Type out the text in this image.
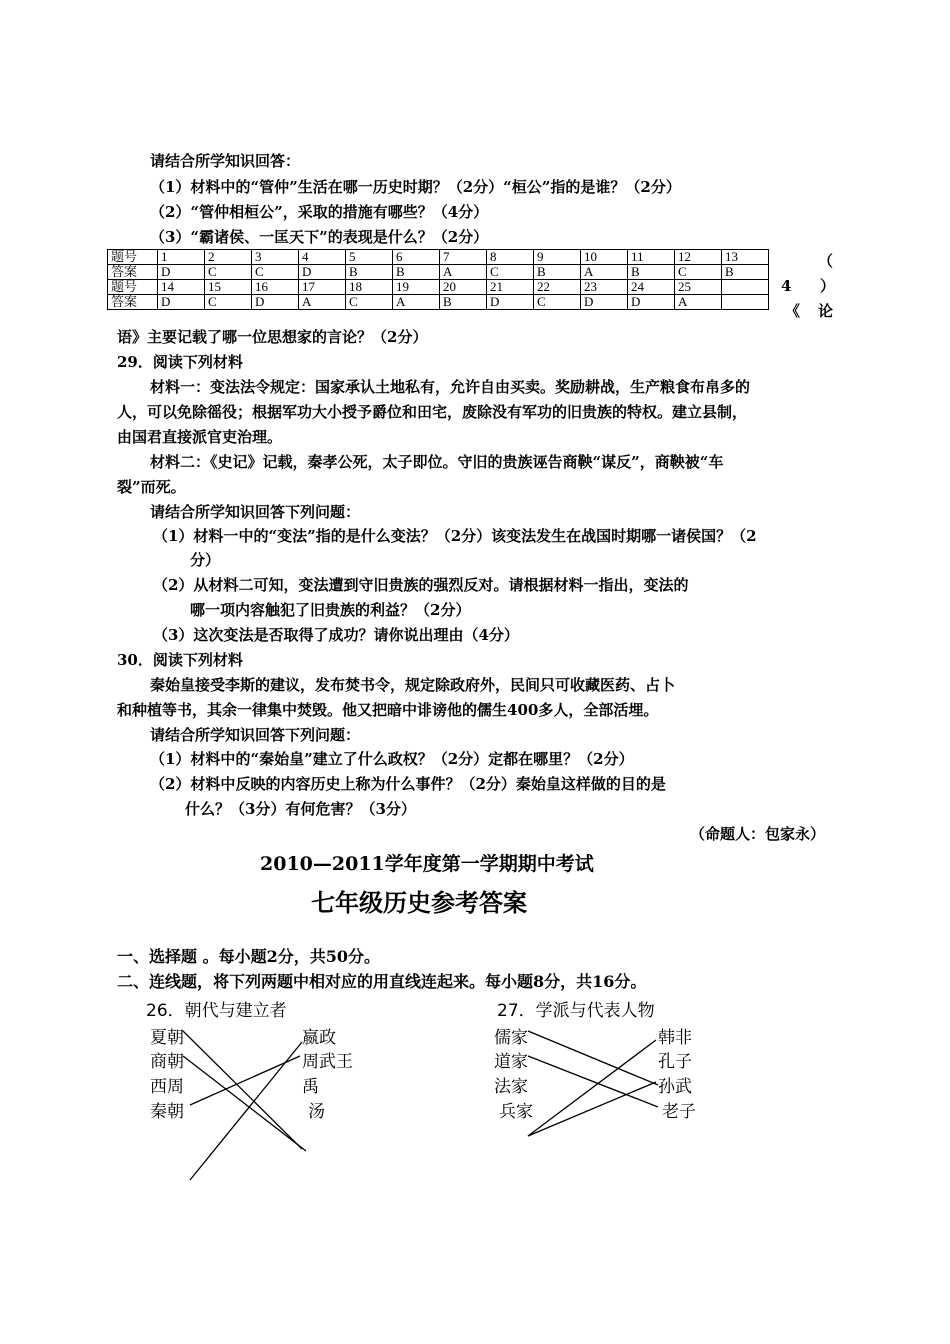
请结合所学知识回答：
（1）材料中的“管仲”生活在哪一历史时期？（2分）“桓公”指的是谁？（2分）
（2）“管仲相桓公”，采取的措施有哪些？（4分）
（3）“霸诸侯、一匡天下”的表现是什么？（2分）
题号	1	2	3	4	5	6	7	8	9	10	11	12	13
答案	D	C	C	D	B	B	A	C	B	A	B	C	B
题号	14	15	16	17	18	19	20	21	22	23	24	25	
答案	D	C	D	A	C	A	B	D	C	D	D	A	
（
4 ）
《 论
语》主要记载了哪一位思想家的言论？（2分）
29．阅读下列材料
材料一：变法法令规定：国家承认土地私有，允许自由买卖。奖励耕战，生产粮食布帛多的
人，可以免除徭役；根据军功大小授予爵位和田宅，废除没有军功的旧贵族的特权。建立县制，
由国君直接派官吏治理。
材料二：《史记》记载，秦孝公死，太子即位。守旧的贵族诬告商鞅“谋反”，商鞅被“车
裂”而死。
请结合所学知识回答下列问题：
（1）材料一中的“变法”指的是什么变法？（2分）该变法发生在战国时期哪一诸侯国？（2
分）
（2）从材料二可知，变法遭到守旧贵族的强烈反对。请根据材料一指出，变法的
哪一项内容触犯了旧贵族的利益？（2分）
（3）这次变法是否取得了成功？请你说出理由（4分）
30．阅读下列材料
秦始皇接受李斯的建议，发布焚书令，规定除政府外，民间只可收藏医药、占卜
和种植等书，其余一律集中焚毁。他又把暗中诽谤他的儒生400多人，全部活埋。
请结合所学知识回答下列问题：
（1）材料中的“秦始皇”建立了什么政权？（2分）定都在哪里？（2分）
（2）材料中反映的内容历史上称为什么事件？（2分）秦始皇这样做的目的是
什么？（3分）有何危害？（3分）
（命题人：包家永）
2010—2011学年度第一学期期中考试
七年级历史参考答案
一、选择题 。每小题2分，共50分。
二、连线题，将下列两题中相对应的用直线连起来。每小题8分，共16分。
26．朝代与建立者
夏朝
商朝
西周
秦朝
嬴政
周武王
禹
汤
27．学派与代表人物
儒家
道家
法家
兵家
韩非
孔子
孙武
老子
